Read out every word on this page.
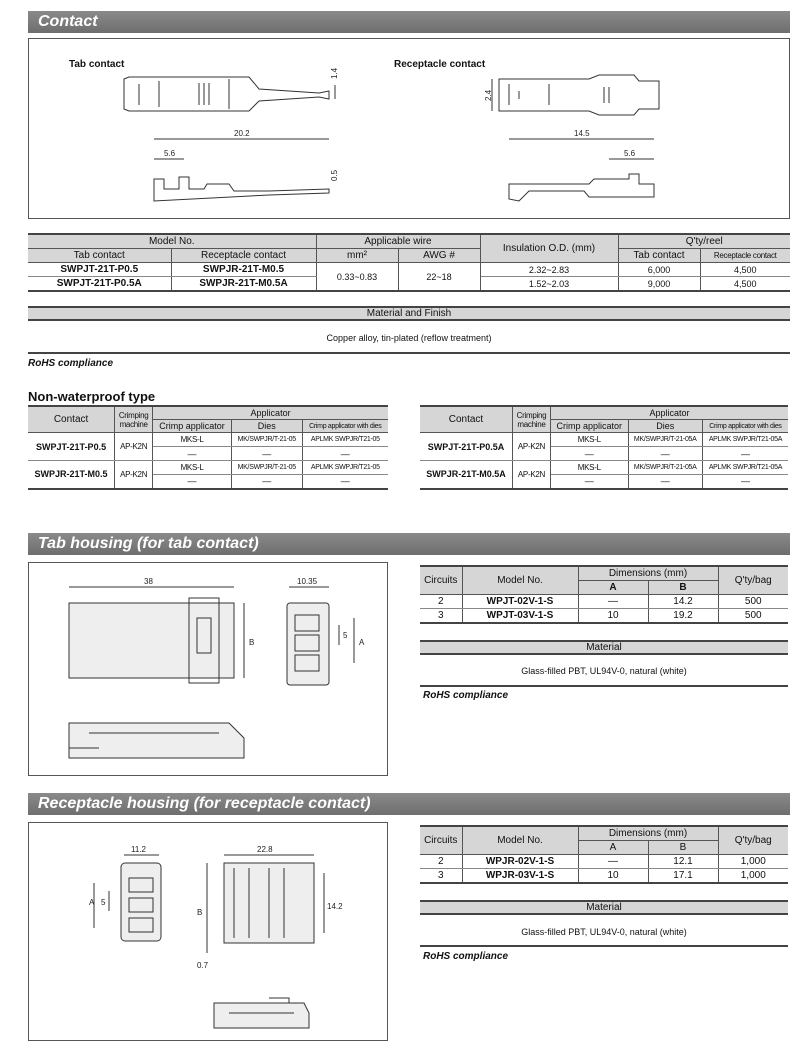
Contact
Tab contact	Receptacle contact
1.4
20.2
5.6
0.5
2.4
14.5
5.6
Model No.		Applicable wire		Insulation O.D. (mm)	Q'ty/reel	
Tab contact	Receptacle contact	mm²	AWG #		Tab contact	Receptacle contact
SWPJT-21T-P0.5	SWPJR-21T-M0.5	0.33~0.83	22~18	2.32~2.83	6,000	4,500
SWPJT-21T-P0.5A	SWPJR-21T-M0.5A			1.52~2.03	9,000	4,500
Material and Finish
Copper alloy, tin-plated (reflow treatment)
RoHS compliance
Non-waterproof type
Contact	Crimping machine	Applicator		
		Crimp applicator	Dies	Crimp applicator with dies
SWPJT-21T-P0.5	AP-K2N	MKS-L	MK/SWPJR/T-21-05	APLMK SWPJR/T21-05
		—	—	—
SWPJR-21T-M0.5	AP-K2N	MKS-L	MK/SWPJR/T-21-05	APLMK SWPJR/T21-05
		—	—	—
Contact	Crimping machine	Applicator		
		Crimp applicator	Dies	Crimp applicator with dies
SWPJT-21T-P0.5A	AP-K2N	MKS-L	MK/SWPJR/T-21-05A	APLMK SWPJR/T21-05A
		—	—	—
SWPJR-21T-M0.5A	AP-K2N	MKS-L	MK/SWPJR/T-21-05A	APLMK SWPJR/T21-05A
		—	—	—
Tab housing (for tab contact)
38
B
10.35
5
A
Circuits	Model No.	Dimensions (mm)		Q'ty/bag
		A	B	
2	WPJT-02V-1-S	—	14.2	500
3	WPJT-03V-1-S	10	19.2	500
Material
Glass-filled PBT, UL94V-0, natural (white)
RoHS compliance
Receptacle housing (for receptacle contact)
11.2
A 5
22.8
B
14.2
0.7
Circuits	Model No.	Dimensions (mm)		Q'ty/bag
		A	B	
2	WPJR-02V-1-S	—	12.1	1,000
3	WPJR-03V-1-S	10	17.1	1,000
Material
Glass-filled PBT, UL94V-0, natural (white)
RoHS compliance
